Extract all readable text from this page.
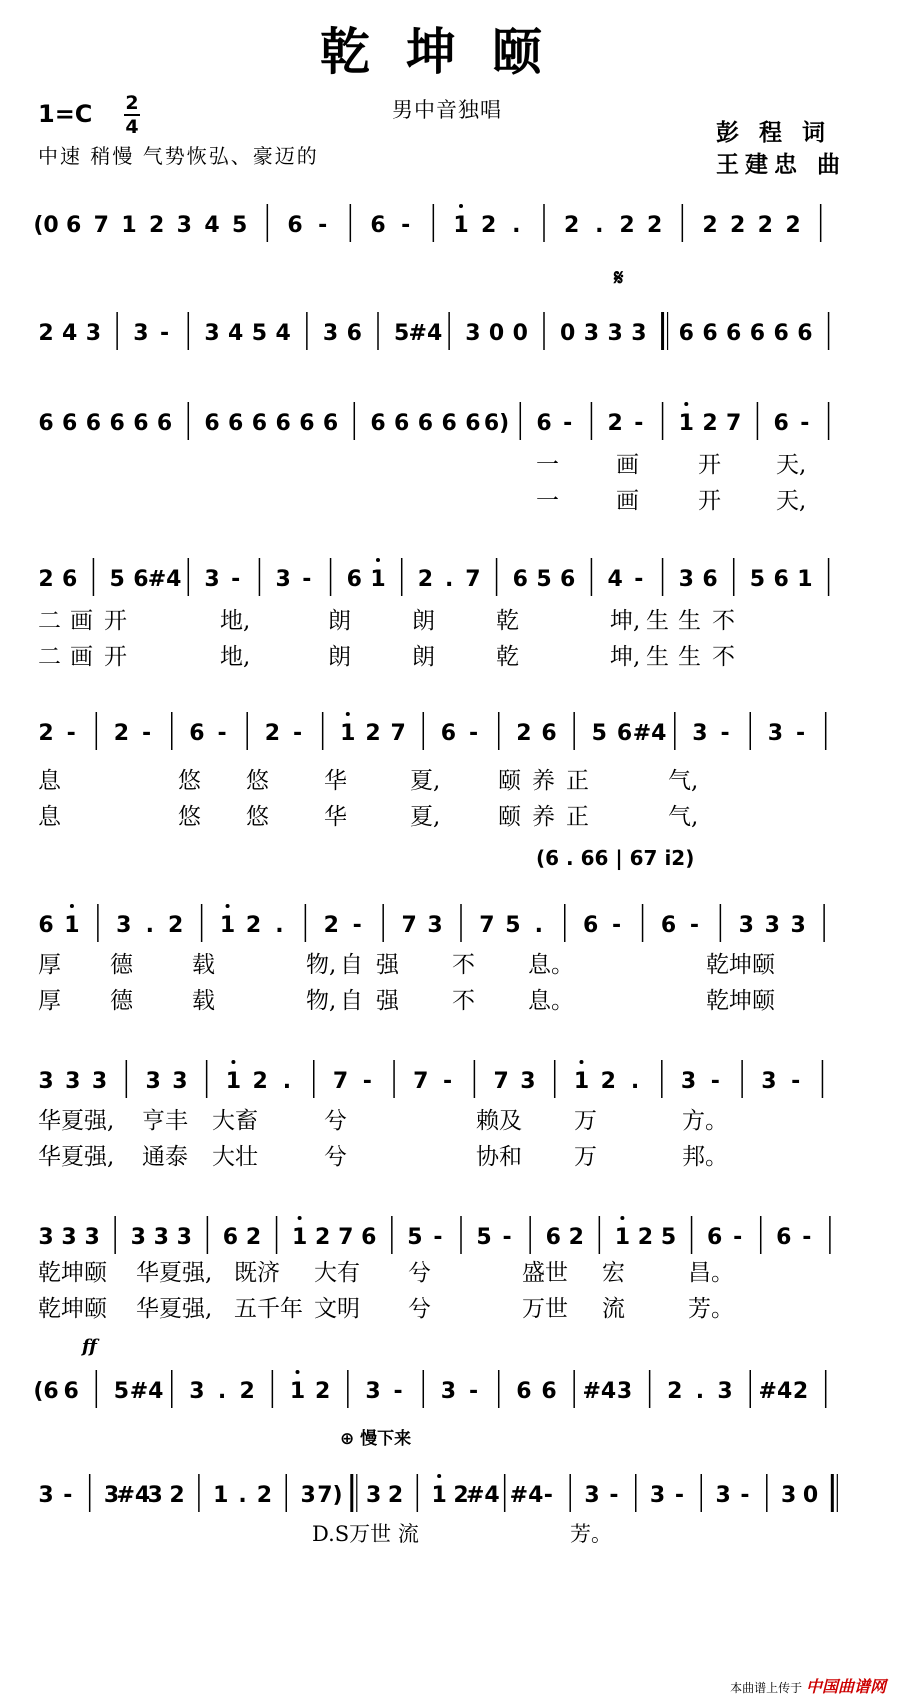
乾坤颐
男中音独唱
1=C 2
4
中速 稍慢 气势恢弘、豪迈的
彭 程 词
王建忠 曲
(0 6 7 1 2 3 4 5 6 - 6 - 1 2 . 2 . 2 2 2 2 2 2
2 4 3 3 - 3 4 5 4 3 6 5 #4 3 0 0 0 3 3 3 6 6 6 6 6 6
6 6 6 6 6 6 6 6 6 6 6 6 6 6 6 6 6 6) 6 - 2 - 1 2 7 6 -
2 6 5 6 #4 3 - 3 - 6 1 2 . 7 6 5 6 4 - 3 6 5 6 1
2 - 2 - 6 - 2 - 1 2 7 6 - 2 6 5 6 #4 3 - 3 -
6 1 3 . 2 1 2 . 2 - 7 3 7 5 . 6 - 6 - 3 3 3
3 3 3 3 3 1 2 . 7 - 7 - 7 3 1 2 . 3 - 3 -
3 3 3 3 3 3 6 2 1 2 7 6 5 - 5 - 6 2 1 2 5 6 - 6 -
(6 6 5 #4 3 . 2 1 2 3 - 3 - 6 6 #4 3 2 . 3 #4 2
3 - 3
#4
3 2 1 . 2 3 7) 3 2 1 2
#4 #4 - 3 - 3 - 3 - 3 0
𝄋
ff
⊕ 慢下来
(6 . 66 | 67 i2)
一 画	开 天,
一 画	开 天,
二 画 开	地,	朗	朗	乾	坤, 生 生 不
二 画 开	地,	朗	朗	乾	坤, 生 生 不
息	悠 悠 华	夏,	颐 养 正	气,
息	悠 悠 华	夏,	颐 养 正	气,
厚 德	载	物, 自 强 不 息。	乾坤颐
厚 德	载	物, 自 强 不 息。	乾坤颐
华夏强, 亨丰 大畜	兮	赖及 万	方。
华夏强, 通泰 大壮	兮	协和 万	邦。
乾坤颐 华夏强, 既济 大有 兮	盛世 宏	昌。
乾坤颐 华夏强, 五千年 文明 兮	万世 流	芳。
D.S万世 流	芳。
本曲谱上传于 中国曲谱网
